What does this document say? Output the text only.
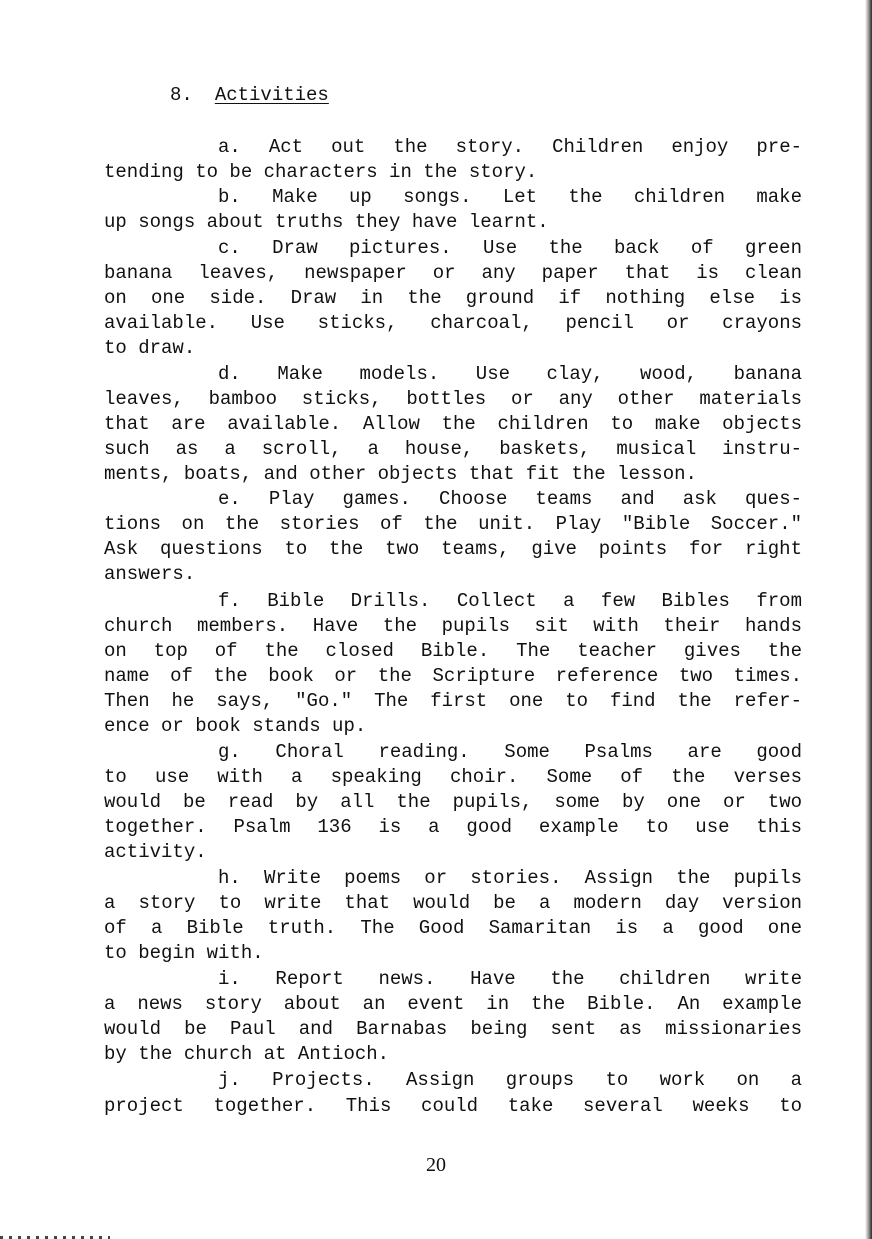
8. Activities
a. Act out the story. Children enjoy pre-
tending to be characters in the story.
b. Make up songs. Let the children make
up songs about truths they have learnt.
c. Draw pictures. Use the back of green
banana leaves, newspaper or any paper that is clean
on one side. Draw in the ground if nothing else is
available. Use sticks, charcoal, pencil or crayons
to draw.
d. Make models. Use clay, wood, banana
leaves, bamboo sticks, bottles or any other materials
that are available. Allow the children to make objects
such as a scroll, a house, baskets, musical instru-
ments, boats, and other objects that fit the lesson.
e. Play games. Choose teams and ask ques-
tions on the stories of the unit. Play "Bible Soccer."
Ask questions to the two teams, give points for right
answers.
f. Bible Drills. Collect a few Bibles from
church members. Have the pupils sit with their hands
on top of the closed Bible. The teacher gives the
name of the book or the Scripture reference two times.
Then he says, "Go." The first one to find the refer-
ence or book stands up.
g. Choral reading. Some Psalms are good
to use with a speaking choir. Some of the verses
would be read by all the pupils, some by one or two
together. Psalm 136 is a good example to use this
activity.
h. Write poems or stories. Assign the pupils
a story to write that would be a modern day version
of a Bible truth. The Good Samaritan is a good one
to begin with.
i. Report news. Have the children write
a news story about an event in the Bible. An example
would be Paul and Barnabas being sent as missionaries
by the church at Antioch.
j. Projects. Assign groups to work on a
project together. This could take several weeks to
20
